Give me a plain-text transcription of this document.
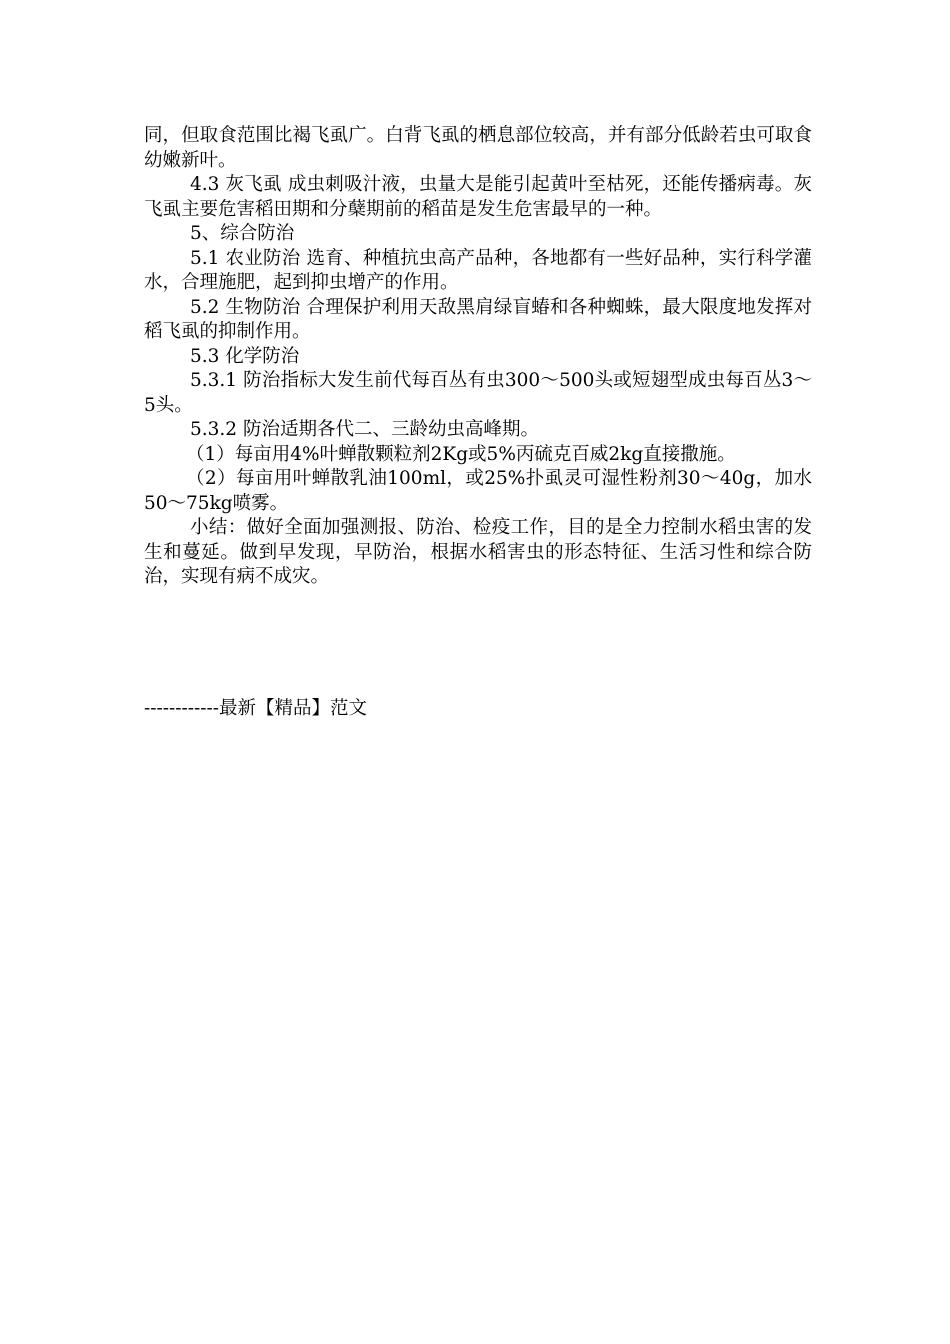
同，但取食范围比褐飞虱广。白背飞虱的栖息部位较高，并有部分低龄若虫可取食幼嫩新叶。

4.3 灰飞虱 成虫刺吸汁液，虫量大是能引起黄叶至枯死，还能传播病毒。灰飞虱主要危害稻田期和分蘖期前的稻苗是发生危害最早的一种。

5、综合防治

5.1 农业防治 选育、种植抗虫高产品种，各地都有一些好品种，实行科学灌水，合理施肥，起到抑虫增产的作用。

5.2 生物防治 合理保护利用天敌黑肩绿盲蝽和各种蜘蛛，最大限度地发挥对稻飞虱的抑制作用。

5.3 化学防治

5.3.1 防治指标大发生前代每百丛有虫300～500头或短翅型成虫每百丛3～5头。

5.3.2 防治适期各代二、三龄幼虫高峰期。

（1）每亩用4%叶蝉散颗粒剂2Kg或5%丙硫克百威2kg直接撒施。

（2）每亩用叶蝉散乳油100ml，或25%扑虱灵可湿性粉剂30～40g，加水50～75kg喷雾。

小结：做好全面加强测报、防治、检疫工作，目的是全力控制水稻虫害的发生和蔓延。做到早发现，早防治，根据水稻害虫的形态特征、生活习性和综合防治，实现有病不成灾。

------------最新【精品】范文
